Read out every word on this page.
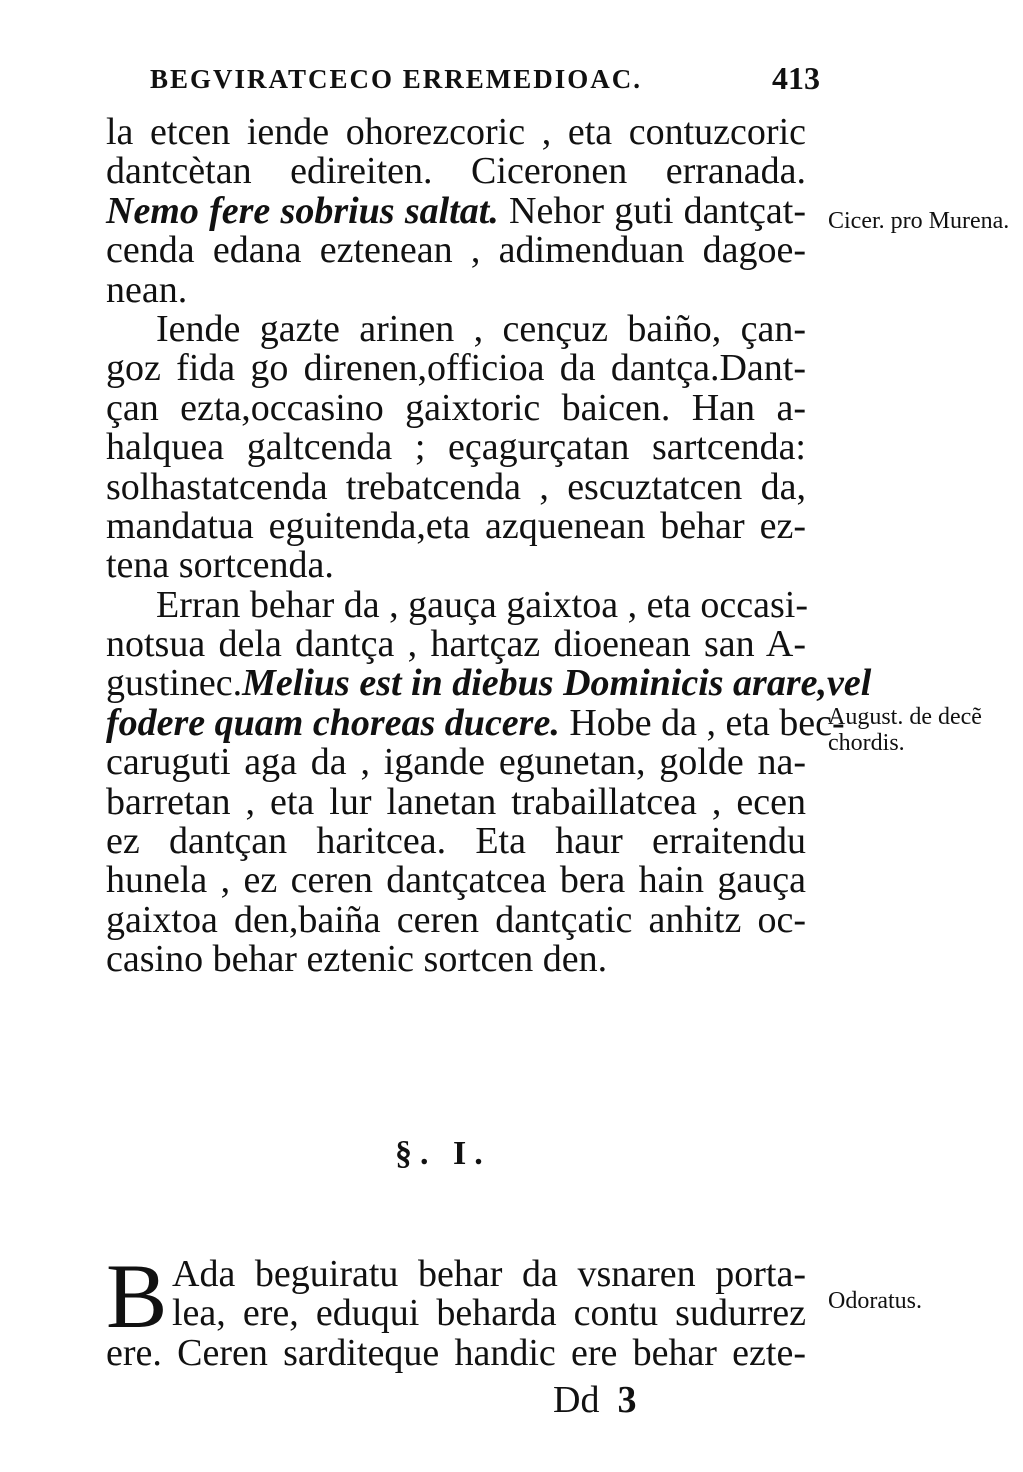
BEGVIRATCECO ERREMEDIOAC.	413
la etcen iende ohorezcoric , eta contuzcoric
dantcètan edireiten. Ciceronen erranada.
Nemo fere sobrius saltat. Nehor guti dantçat-
cenda edana eztenean , adimenduan dagoe-
nean.
Iende gazte arinen , cençuz baiño, çan-
goz fida go direnen,officioa da dantça.Dant-
çan ezta,occasino gaixtoric baicen. Han a-
halquea galtcenda ; eçagurçatan sartcenda:
solhastatcenda trebatcenda , escuztatcen da,
mandatua eguitenda,eta azquenean behar ez-
tena sortcenda.
Erran behar da , gauça gaixtoa , eta occasi-
notsua dela dantça , hartçaz dioenean san A-
gustinec.Melius est in diebus Dominicis arare,vel
fodere quam choreas ducere. Hobe da , eta bec-
caruguti aga da , igande egunetan, golde na-
barretan , eta lur lanetan trabaillatcea , ecen
ez dantçan haritcea. Eta haur erraitendu
hunela , ez ceren dantçatcea bera hain gauça
gaixtoa den,baiña ceren dantçatic anhitz oc-
casino behar eztenic sortcen den.
Cicer. pro Murena.
August. de decẽ chordis.
Odoratus.
§. I.
B Ada beguiratu behar da vsnaren porta-
lea, ere, eduqui beharda contu sudurrez
ere. Ceren sarditeque handic ere behar ezte-
Dd 3
